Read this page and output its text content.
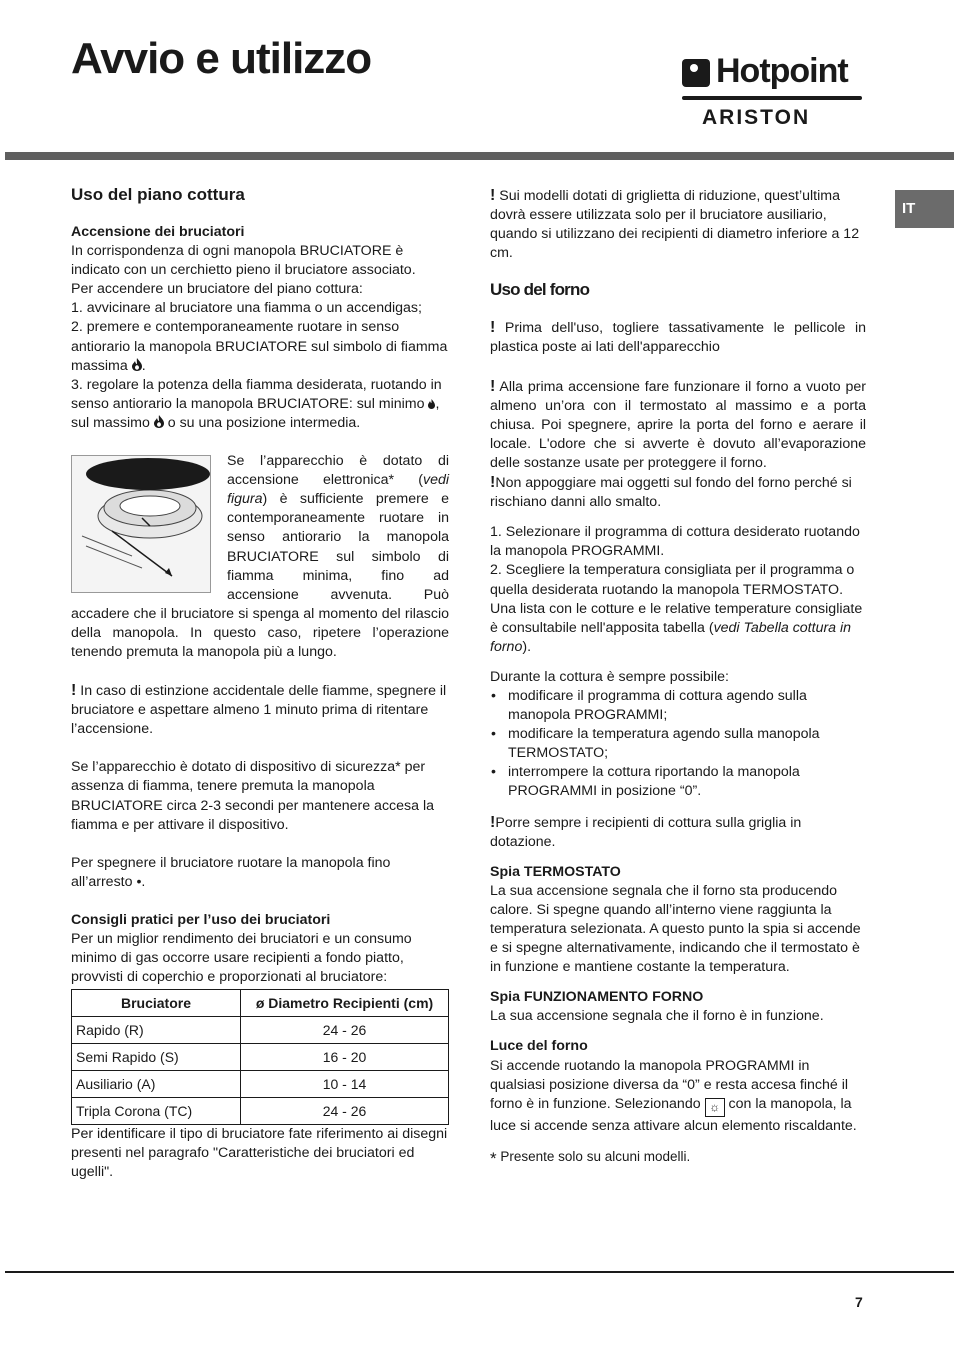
Avvio e utilizzo	Hotpoint
ARISTON
IT
Uso del piano cottura
Accensione dei bruciatori

In corrispondenza di ogni manopola BRUCIATORE è indicato con un cerchietto pieno il bruciatore associato.

Per accendere un bruciatore del piano cottura:

1. avvicinare al bruciatore una fiamma o un accendigas;

2. premere e contemporaneamente ruotare in senso antiorario la manopola BRUCIATORE sul simbolo di fiamma massima .

3. regolare la potenza della fiamma desiderata, ruotando in senso antiorario la manopola BRUCIATORE: sul minimo , sul massimo o su una posizione intermedia.

Se l’apparecchio è dotato di accensione elettronica* (vedi figura) è sufficiente premere e contemporaneamente ruotare in senso antiorario la manopola BRUCIATORE sul simbolo di fiamma minima, fino ad accensione avvenuta. Può accadere che il bruciatore si spenga al momento del rilascio della manopola. In questo caso, ripetere l’operazione tenendo premuta la manopola più a lungo.

! In caso di estinzione accidentale delle fiamme, spegnere il bruciatore e aspettare almeno 1 minuto prima di ritentare l’accensione.

Se l’apparecchio è dotato di dispositivo di sicurezza* per assenza di fiamma, tenere premuta la manopola BRUCIATORE circa 2-3 secondi per mantenere accesa la fiamma e per attivare il dispositivo.

Per spegnere il bruciatore ruotare la manopola fino all’arresto •.

Consigli pratici per l’uso dei bruciatori

Per un miglior rendimento dei bruciatori e un consumo minimo di gas occorre usare recipienti a fondo piatto, provvisti di coperchio e proporzionati al bruciatore:

Bruciatore	ø Diametro Recipienti (cm)
Rapido (R)	24 - 26
Semi Rapido (S)	16 - 20
Ausiliario (A)	10 - 14
Tripla Corona (TC)	24 - 26

Per identificare il tipo di bruciatore fate riferimento ai disegni presenti nel paragrafo "Caratteristiche dei bruciatori ed ugelli".

! Sui modelli dotati di griglietta di riduzione, quest’ultima dovrà essere utilizzata solo per il bruciatore ausiliario, quando si utilizzano dei recipienti di diametro inferiore a 12 cm.

Uso del forno

! Prima dell'uso, togliere tassativamente le pellicole in plastica poste ai lati dell'apparecchio

! Alla prima accensione fare funzionare il forno a vuoto per almeno un’ora con il termostato al massimo e a porta chiusa. Poi spegnere, aprire la porta del forno e aerare il locale. L'odore che si avverte è dovuto all’evaporazione delle sostanze usate per proteggere il forno.

!Non appoggiare mai oggetti sul fondo del forno perché si rischiano danni allo smalto.

1. Selezionare il programma di cottura desiderato ruotando la manopola PROGRAMMI.

2. Scegliere la temperatura consigliata per il programma o quella desiderata ruotando la manopola TERMOSTATO.

Una lista con le cotture e le relative temperature consigliate è consultabile nell'apposita tabella (vedi Tabella cottura in forno).

Durante la cottura è sempre possibile:

• modificare il programma di cottura agendo sulla manopola PROGRAMMI;
• modificare la temperatura agendo sulla manopola TERMOSTATO;
• interrompere la cottura riportando la manopola PROGRAMMI in posizione “0”.

!Porre sempre i recipienti di cottura sulla griglia in dotazione.

Spia TERMOSTATO

La sua accensione segnala che il forno sta producendo calore. Si spegne quando all’interno viene raggiunta la temperatura selezionata. A questo punto la spia si accende e si spegne alternativamente, indicando che il termostato è in funzione e mantiene costante la temperatura.

Spia FUNZIONAMENTO FORNO

La sua accensione segnala che il forno è in funzione.

Luce del forno

Si accende ruotando la manopola PROGRAMMI in qualsiasi posizione diversa da “0” e resta accesa finché il forno è in funzione. Selezionando ☼ con la manopola, la luce si accende senza attivare alcun elemento riscaldante.

* Presente solo su alcuni modelli.

7
